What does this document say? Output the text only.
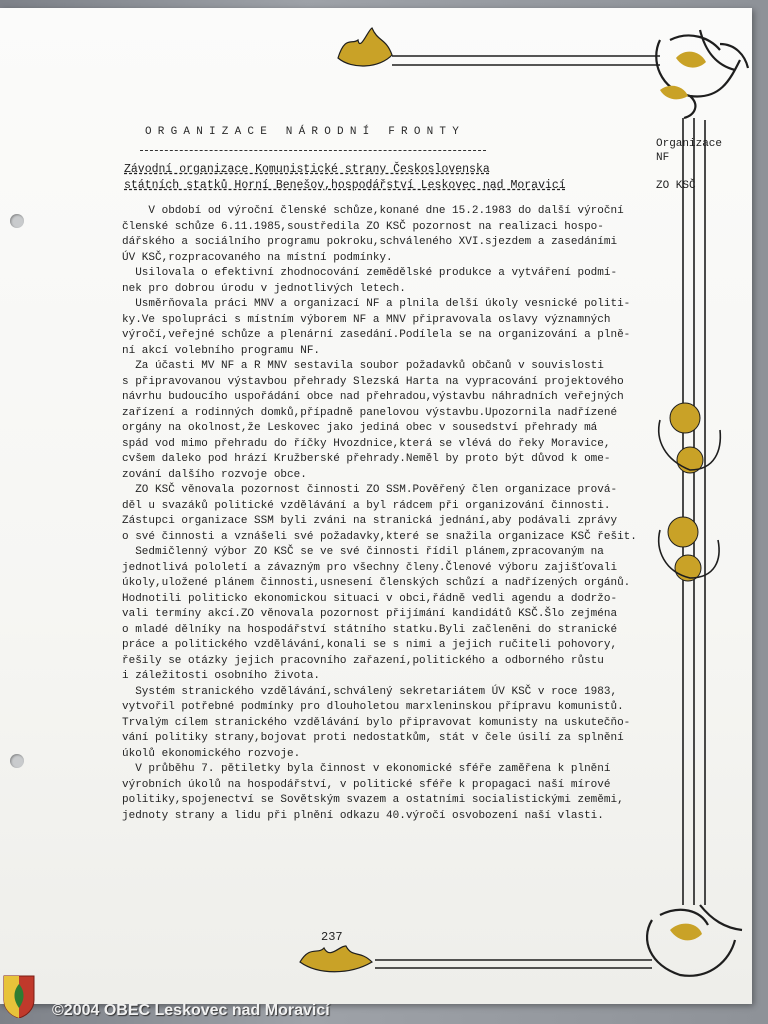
ORGANIZACE NÁRODNÍ FRONTY
Organizace
NF

ZO KSČ
Závodní organizace Komunistické strany Československa
státních statků Horní Benešov,hospodářství Leskovec nad Moravicí

V období od výroční členské schůze,konané dne 15.2.1983 do další výroční

členské schůze 6.11.1985,soustředila ZO KSČ pozornost na realizaci hospo-

dářského a sociálního programu pokroku,schváleného XVI.sjezdem a zasedáními

ÚV KSČ,rozpracovaného na místní podmínky.

Usilovala o efektivní zhodnocování zemědělské produkce a vytváření podmí-

nek pro dobrou úrodu v jednotlivých letech.

Usměrňovala práci MNV a organizací NF a plnila delší úkoly vesnické politi-

ky.Ve spolupráci s místním výborem NF a MNV připravovala oslavy významných

výročí,veřejné schůze a plenární zasedání.Podílela se na organizování a plně-

ní akcí volebního programu NF.

Za účasti MV NF a R MNV sestavila soubor požadavků občanů v souvislosti

s připravovanou výstavbou přehrady Slezská Harta na vypracování projektového

návrhu budoucího uspořádání obce nad přehradou,výstavbu náhradních veřejných

zařízení a rodinných domků,případně panelovou výstavbu.Upozornila nadřízené

orgány na okolnost,že Leskovec jako jediná obec v sousedství přehrady má

spád vod mimo přehradu do říčky Hvozdnice,která se vlévá do řeky Moravice,

cvšem daleko pod hrází Kružberské přehrady.Neměl by proto být důvod k ome-

zování dalšího rozvoje obce.

ZO KSČ věnovala pozornost činnosti ZO SSM.Pověřený člen organizace prová-

děl u svazáků politické vzdělávání a byl rádcem při organizování činnosti.

Zástupci organizace SSM byli zváni na stranická jednání,aby podávali zprávy

o své činnosti a vznášeli své požadavky,které se snažila organizace KSČ řešit.

Sedmičlenný výbor ZO KSČ se ve své činnosti řídil plánem,zpracovaným na

jednotlivá pololetí a závazným pro všechny členy.Členové výboru zajišťovali

úkoly,uložené plánem činnosti,usnesení členských schůzí a nadřízených orgánů.

Hodnotili politicko ekonomickou situaci v obci,řádně vedli agendu a dodržo-

vali termíny akcí.ZO věnovala pozornost přijímání kandidátů KSČ.Šlo zejména

o mladé dělníky na hospodářství státního statku.Byli začleněni do stranické

práce a politického vzdělávání,konali se s nimi a jejich ručiteli pohovory,

řešily se otázky jejich pracovního zařazení,politického a odborného růstu

i záležitosti osobního života.

Systém stranického vzdělávání,schválený sekretariátem ÚV KSČ v roce 1983,

vytvořil potřebné podmínky pro dlouholetou marxleninskou přípravu komunistů.

Trvalým cílem stranického vzdělávání bylo připravovat komunisty na uskutečňo-

vání politiky strany,bojovat proti nedostatkům, stát v čele úsilí za splnění

úkolů ekonomického rozvoje.

V průběhu 7. pětiletky byla činnost v ekonomické sféře zaměřena k plnění

výrobních úkolů na hospodářství, v politické sféře k propagaci naší mírové

politiky,spojenectví se Sovětským svazem a ostatními socialistickými zeměmi,

jednoty strany a lidu při plnění odkazu 40.výročí osvobození naší vlasti.

237
©2004 OBEC Leskovec nad Moravicí
